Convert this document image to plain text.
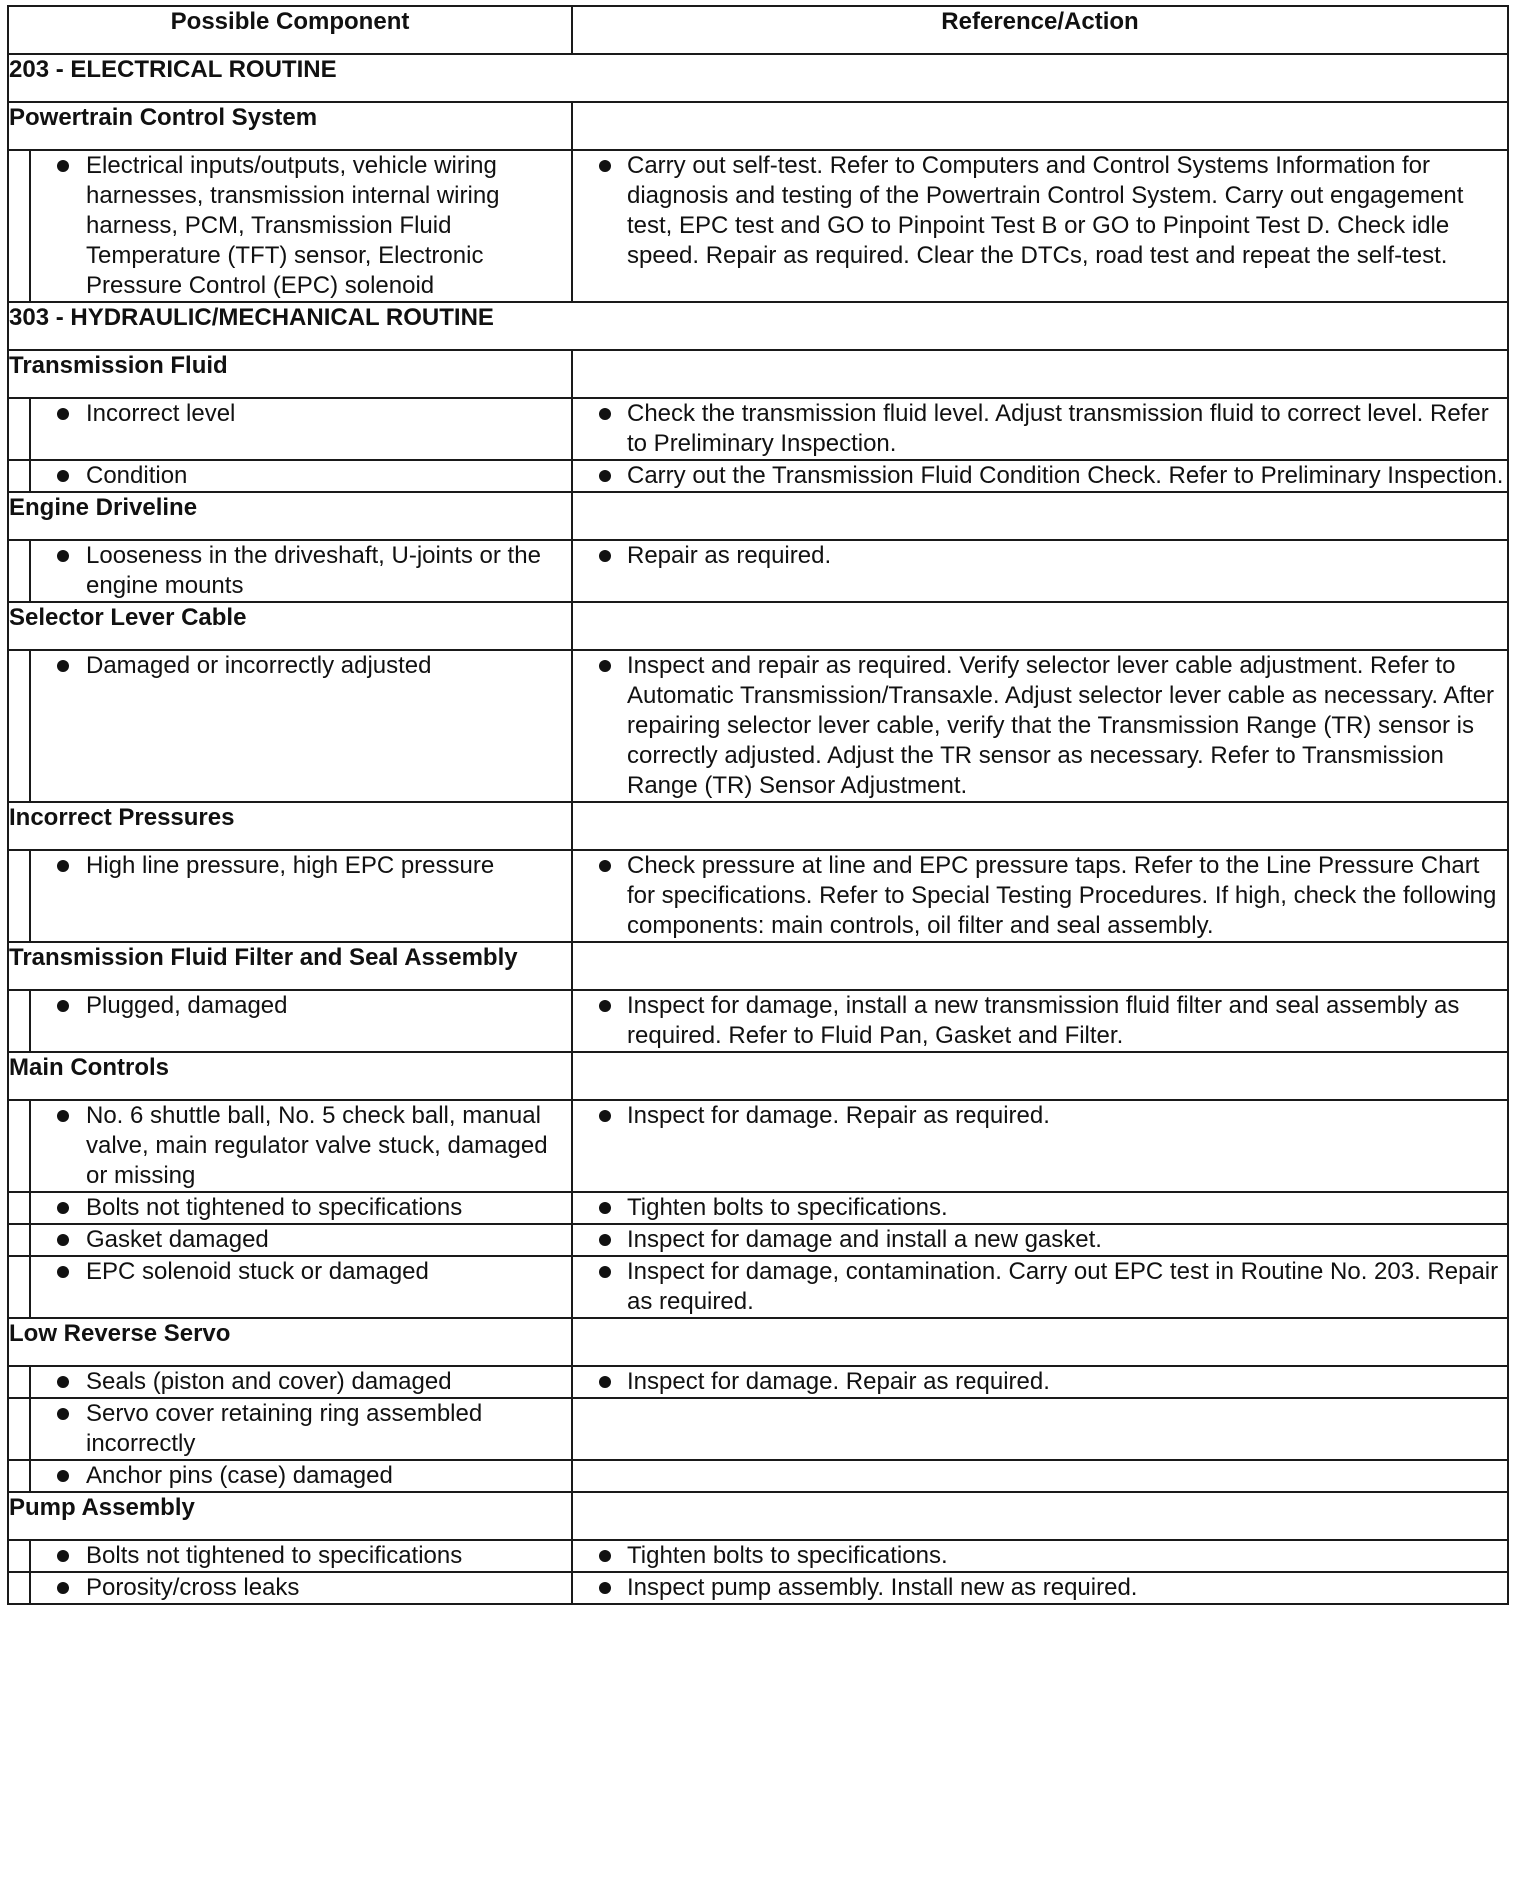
Possible Component		Reference/Action
203 - ELECTRICAL ROUTINE		
Powertrain Control System		

	Electrical inputs/outputs, vehicle wiring harnesses, transmission internal wiring harness, PCM, Transmission Fluid Temperature (TFT) sensor, Electronic Pressure Control (EPC) solenoid	Carry out self-test. Refer to Computers and Control Systems Information for diagnosis and testing of the Powertrain Control System. Carry out engagement test, EPC test and GO to Pinpoint Test B or GO to Pinpoint Test D. Check idle speed. Repair as required. Clear the DTCs, road test and repeat the self-test.

303 - HYDRAULIC/MECHANICAL ROUTINE		
Transmission Fluid		

	Incorrect level	Check the transmission fluid level. Adjust transmission fluid to correct level. Refer to Preliminary Inspection.

	Condition	Carry out the Transmission Fluid Condition Check. Refer to Preliminary Inspection.

Engine Driveline		

	Looseness in the driveshaft, U-joints or the engine mounts	Repair as required.

Selector Lever Cable		

	Damaged or incorrectly adjusted	Inspect and repair as required. Verify selector lever cable adjustment. Refer to Automatic Transmission/Transaxle. Adjust selector lever cable as necessary. After repairing selector lever cable, verify that the Transmission Range (TR) sensor is correctly adjusted. Adjust the TR sensor as necessary. Refer to Transmission Range (TR) Sensor Adjustment.

Incorrect Pressures		

	High line pressure, high EPC pressure	Check pressure at line and EPC pressure taps. Refer to the Line Pressure Chart for specifications. Refer to Special Testing Procedures. If high, check the following components: main controls, oil filter and seal assembly.

Transmission Fluid Filter and Seal Assembly		

	Plugged, damaged	Inspect for damage, install a new transmission fluid filter and seal assembly as required. Refer to Fluid Pan, Gasket and Filter.

Main Controls		

	No. 6 shuttle ball, No. 5 check ball, manual valve, main regulator valve stuck, damaged or missing	Inspect for damage. Repair as required.

	Bolts not tightened to specifications	Tighten bolts to specifications.

	Gasket damaged	Inspect for damage and install a new gasket.

	EPC solenoid stuck or damaged	Inspect for damage, contamination. Carry out EPC test in Routine No. 203. Repair as required.

Low Reverse Servo		

	Seals (piston and cover) damaged	Inspect for damage. Repair as required.

	Servo cover retaining ring assembled incorrectly	

	Anchor pins (case) damaged	

Pump Assembly		

	Bolts not tightened to specifications	Tighten bolts to specifications.

	Porosity/cross leaks	Inspect pump assembly. Install new as required.
